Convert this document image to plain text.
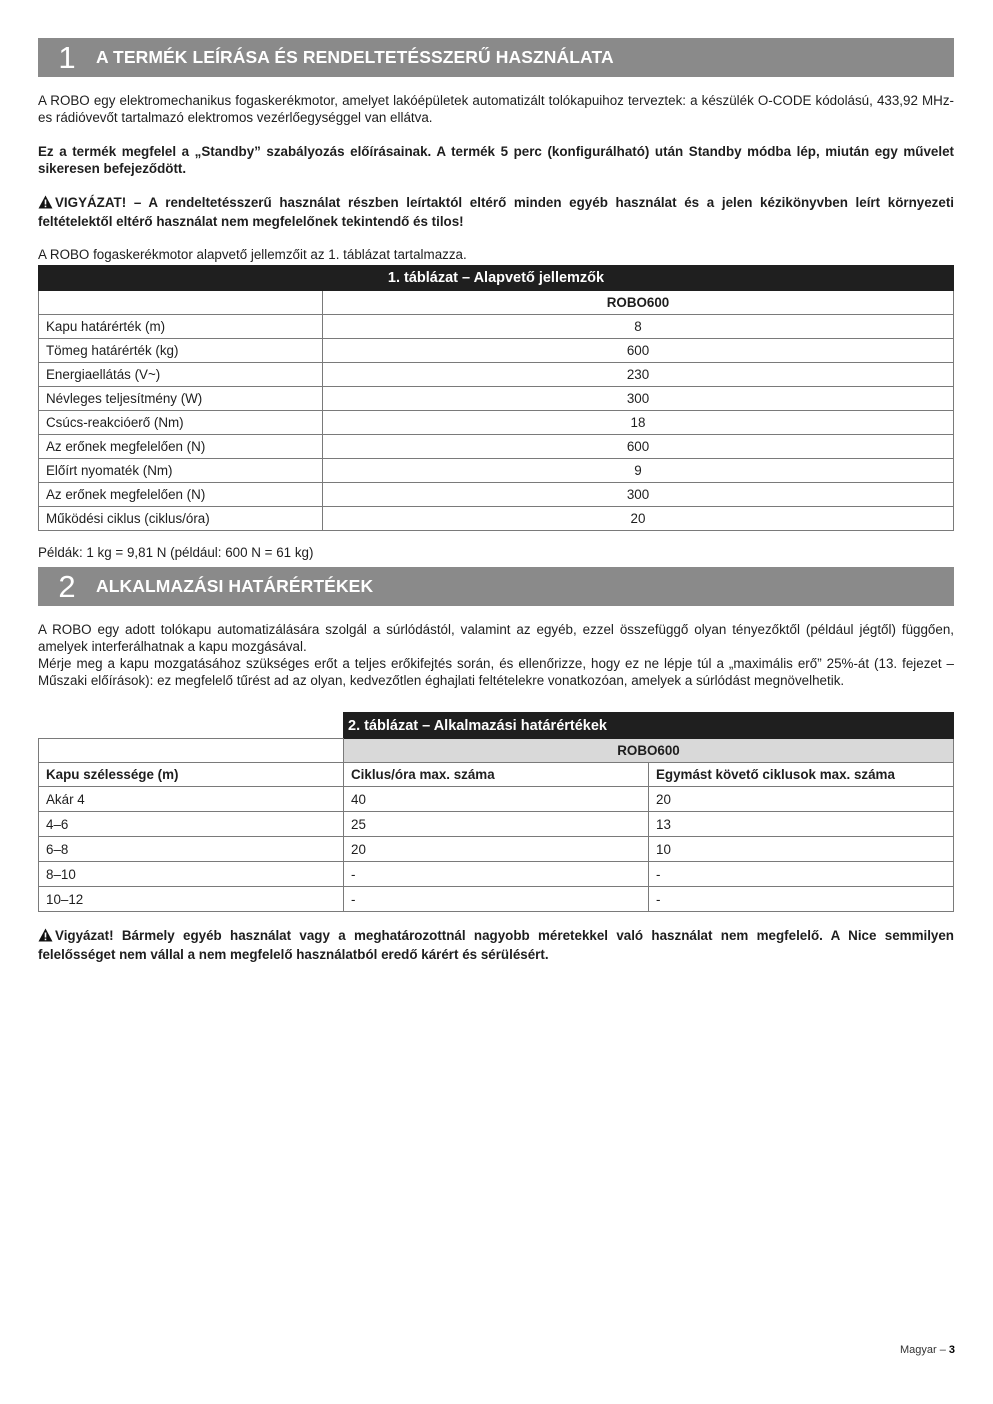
1	A TERMÉK LEÍRÁSA ÉS RENDELTETÉSSZERŰ HASZNÁLATA

A ROBO egy elektromechanikus fogaskerékmotor, amelyet lakóépületek automatizált tolókapuihoz terveztek: a készülék O-CODE kódolású, 433,92 MHz-es rádióvevőt tartalmazó elektromos vezérlőegységgel van ellátva.

Ez a termék megfelel a „Standby” szabályozás előírásainak. A termék 5 perc (konfigurálható) után Standby módba lép, miután egy művelet sikeresen befejeződött.

VIGYÁZAT! – A rendeltetésszerű használat részben leírtaktól eltérő minden egyéb használat és a jelen kézikönyvben leírt környezeti feltételektől eltérő használat nem megfelelőnek tekintendő és tilos!

A ROBO fogaskerékmotor alapvető jellemzőit az 1. táblázat tartalmazza.

1. táblázat – Alapvető jellemzők	
	ROBO600
Kapu határérték (m)	8
Tömeg határérték (kg)	600
Energiaellátás (V~)	230
Névleges teljesítmény (W)	300
Csúcs-reakcióerő (Nm)	18
Az erőnek megfelelően (N)	600
Előírt nyomaték (Nm)	9
Az erőnek megfelelően (N)	300
Működési ciklus (ciklus/óra)	20

Példák: 1 kg = 9,81 N (például: 600 N = 61 kg)

2	ALKALMAZÁSI HATÁRÉRTÉKEK

A ROBO egy adott tolókapu automatizálására szolgál a súrlódástól, valamint az egyéb, ezzel összefüggő olyan tényezőktől (például jégtől) függően, amelyek interferálhatnak a kapu mozgásával.

Mérje meg a kapu mozgatásához szükséges erőt a teljes erőkifejtés során, és ellenőrizze, hogy ez ne lépje túl a „maximális erő” 25%-át (13. fejezet – Műszaki előírások): ez megfelelő tűrést ad az olyan, kedvezőtlen éghajlati feltételekre vonatkozóan, amelyek a súrlódást megnövelhetik.

	2. táblázat – Alkalmazási határértékek	
	ROBO600	
Kapu szélessége (m)	Ciklus/óra max. száma	Egymást követő ciklusok max. száma
Akár 4	40	20
4–6	25	13
6–8	20	10
8–10	-	-
10–12	-	-

Vigyázat! Bármely egyéb használat vagy a meghatározottnál nagyobb méretekkel való használat nem megfelelő. A Nice semmilyen felelősséget nem vállal a nem megfelelő használatból eredő kárért és sérülésért.

Magyar – 3
